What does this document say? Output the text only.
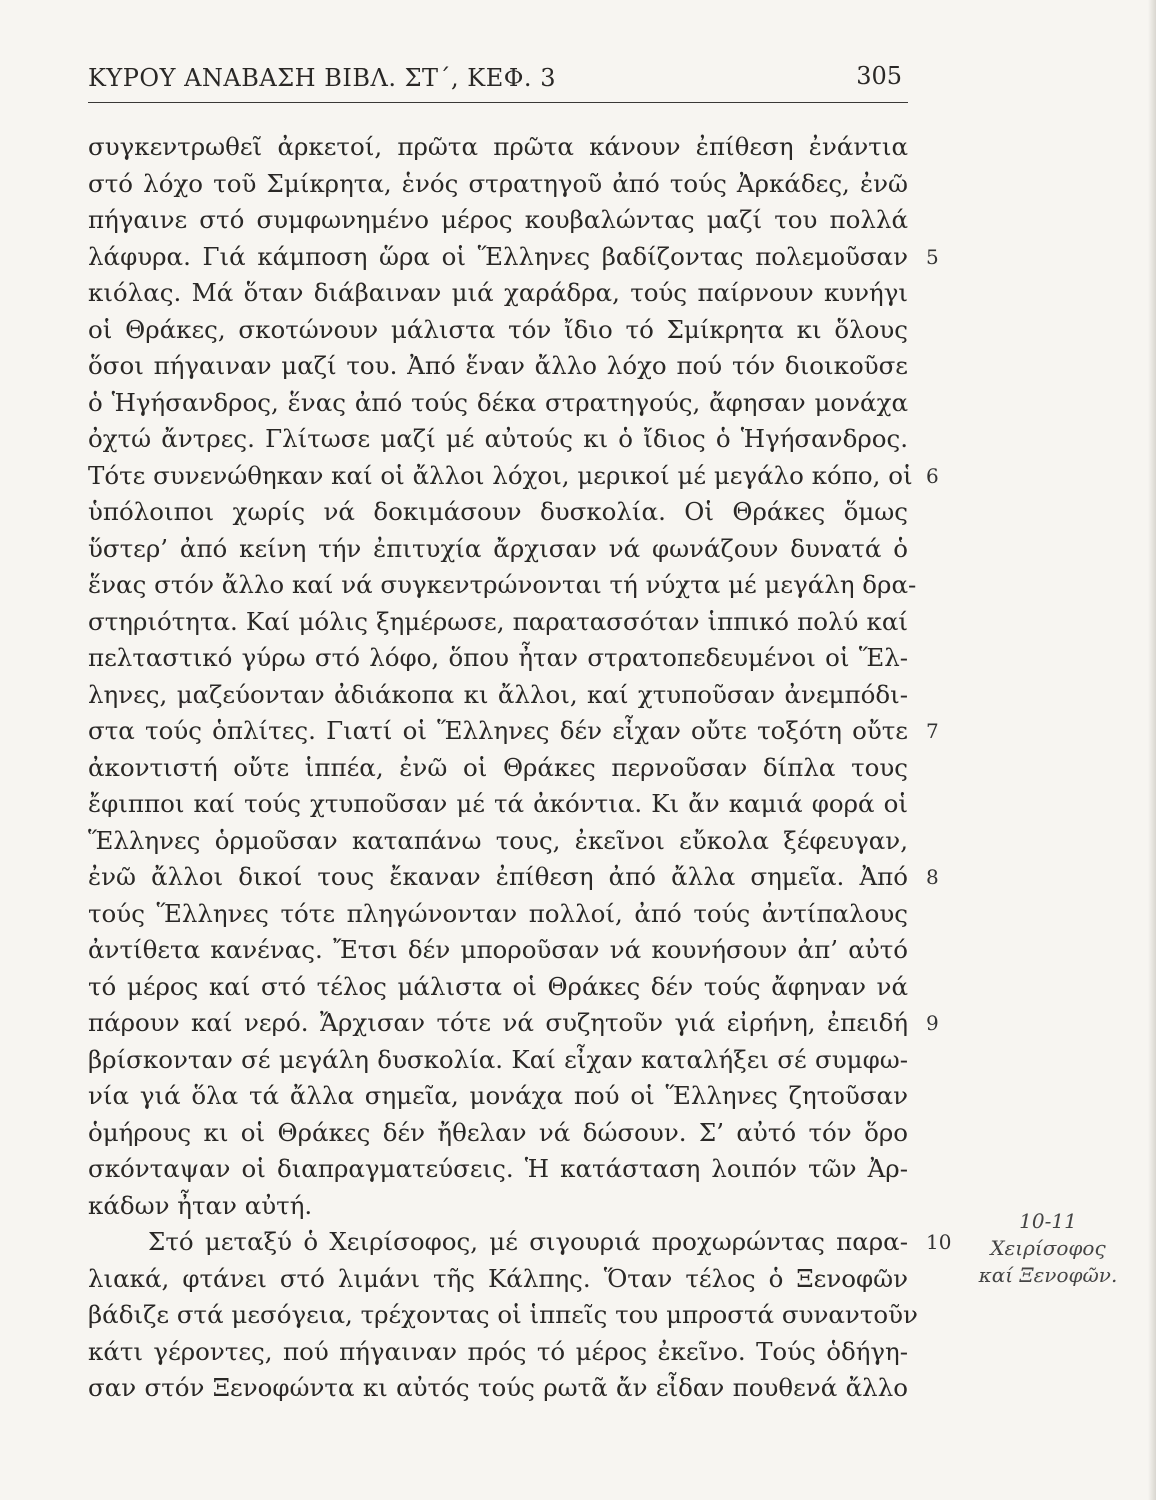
ΚΥΡΟΥ ΑΝΑΒΑΣΗ ΒΙΒΛ. ΣΤ΄, ΚΕΦ. 3	305
συγκεντρωθεῖ ἀρκετοί, πρῶτα πρῶτα κάνουν ἐπίθεση ἐνάντια
στό λόχο τοῦ Σμίκρητα, ἑνός στρατηγοῦ ἀπό τούς Ἀρκάδες, ἐνῶ
πήγαινε στό συμφωνημένο μέρος κουβαλώντας μαζί του πολλά
λάφυρα. Γιά κάμποση ὥρα οἱ Ἕλληνες βαδίζοντας πολεμοῦσαν 5
κιόλας. Μά ὅταν διάβαιναν μιά χαράδρα, τούς παίρνουν κυνήγι
οἱ Θράκες, σκοτώνουν μάλιστα τόν ἴδιο τό Σμίκρητα κι ὅλους
ὅσοι πήγαιναν μαζί του. Ἀπό ἕναν ἄλλο λόχο πού τόν διοικοῦσε
ὁ Ἡγήσανδρος, ἕνας ἀπό τούς δέκα στρατηγούς, ἄφησαν μονάχα
ὀχτώ ἄντρες. Γλίτωσε μαζί μέ αὐτούς κι ὁ ἴδιος ὁ Ἡγήσανδρος.
Τότε συνενώθηκαν καί οἱ ἄλλοι λόχοι, μερικοί μέ μεγάλο κόπο, οἱ 6
ὑπόλοιποι χωρίς νά δοκιμάσουν δυσκολία. Οἱ Θράκες ὅμως
ὕστερ’ ἀπό κείνη τήν ἐπιτυχία ἄρχισαν νά φωνάζουν δυνατά ὁ
ἕνας στόν ἄλλο καί νά συγκεντρώνονται τή νύχτα μέ μεγάλη δρα-
στηριότητα. Καί μόλις ξημέρωσε, παρατασσόταν ἱππικό πολύ καί
πελταστικό γύρω στό λόφο, ὅπου ἦταν στρατοπεδευμένοι οἱ Ἕλ-
ληνες, μαζεύονταν ἀδιάκοπα κι ἄλλοι, καί χτυποῦσαν ἀνεμπόδι-
στα τούς ὁπλίτες. Γιατί οἱ Ἕλληνες δέν εἶχαν οὔτε τοξότη οὔτε 7
ἀκοντιστή οὔτε ἱππέα, ἐνῶ οἱ Θράκες περνοῦσαν δίπλα τους
ἔφιπποι καί τούς χτυποῦσαν μέ τά ἀκόντια. Κι ἄν καμιά φορά οἱ
Ἕλληνες ὁρμοῦσαν καταπάνω τους, ἐκεῖνοι εὔκολα ξέφευγαν,
ἐνῶ ἄλλοι δικοί τους ἔκαναν ἐπίθεση ἀπό ἄλλα σημεῖα. Ἀπό 8
τούς Ἕλληνες τότε πληγώνονταν πολλοί, ἀπό τούς ἀντίπαλους
ἀντίθετα κανένας. Ἔτσι δέν μποροῦσαν νά κουνήσουν ἀπ’ αὐτό
τό μέρος καί στό τέλος μάλιστα οἱ Θράκες δέν τούς ἄφηναν νά
πάρουν καί νερό. Ἄρχισαν τότε νά συζητοῦν γιά εἰρήνη, ἐπειδή 9
βρίσκονταν σέ μεγάλη δυσκολία. Καί εἶχαν καταλήξει σέ συμφω-
νία γιά ὅλα τά ἄλλα σημεῖα, μονάχα πού οἱ Ἕλληνες ζητοῦσαν
ὁμήρους κι οἱ Θράκες δέν ἤθελαν νά δώσουν. Σ’ αὐτό τόν ὅρο
σκόνταψαν οἱ διαπραγματεύσεις. Ἡ κατάσταση λοιπόν τῶν Ἀρ-
κάδων ἦταν αὐτή.
Στό μεταξύ ὁ Χειρίσοφος, μέ σιγουριά προχωρώντας παρα- 10
λιακά, φτάνει στό λιμάνι τῆς Κάλπης. Ὅταν τέλος ὁ Ξενοφῶν
βάδιζε στά μεσόγεια, τρέχοντας οἱ ἱππεῖς του μπροστά συναντοῦν
κάτι γέροντες, πού πήγαιναν πρός τό μέρος ἐκεῖνο. Τούς ὁδήγη-
σαν στόν Ξενοφώντα κι αὐτός τούς ρωτᾶ ἄν εἶδαν πουθενά ἄλλο
10-11
Χειρίσοφος
καί Ξενοφῶν.
